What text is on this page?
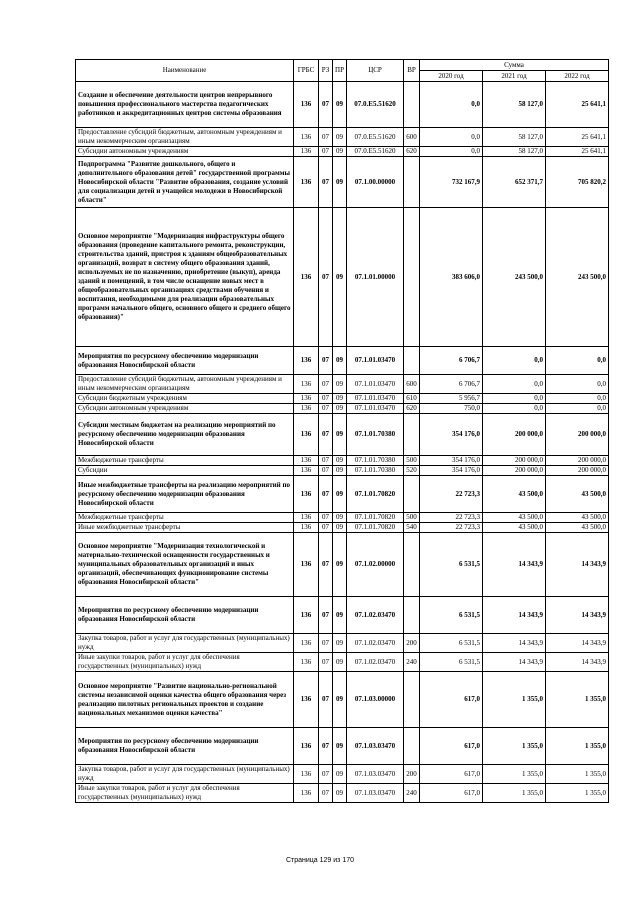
Наименование	ГРБС	РЗ	ПР	ЦСР	ВР	Сумма		
						2020 год	2021 год	2022 год
Создание и обеспечение деятельности центров непрерывного повышения профессионального мастерства педагогических работников и аккредитационных центров системы образования	136	07	09	07.0.E5.51620		0,0	58 127,0	25 641,1
Предоставление субсидий бюджетным, автономным учреждениям и иным некоммерческим организациям	136	07	09	07.0.E5.51620	600	0,0	58 127,0	25 641,1
Субсидии автономным учреждениям	136	07	09	07.0.E5.51620	620	0,0	58 127,0	25 641,1
Подпрограмма "Развитие дошкольного, общего и дополнительного образования детей" государственной программы Новосибирской области "Развитие образования, создание условий для социализации детей и учащейся молодежи в Новосибирской области"	136	07	09	07.1.00.00000		732 167,9	652 371,7	705 820,2
Основное мероприятие "Модернизация инфраструктуры общего образования (проведение капитального ремонта, реконструкции, строительства зданий, пристроя к зданиям общеобразовательных организаций, возврат в систему общего образования зданий, используемых не по назначению, приобретение (выкуп), аренда зданий и помещений, в том числе оснащение новых мест в общеобразовательных организациях средствами обучения и воспитания, необходимыми для реализации образовательных программ начального общего, основного общего и среднего общего образования)"	136	07	09	07.1.01.00000		383 606,0	243 500,0	243 500,0
Мероприятия по ресурсному обеспечению модернизации образования Новосибирской области	136	07	09	07.1.01.03470		6 706,7	0,0	0,0
Предоставление субсидий бюджетным, автономным учреждениям и иным некоммерческим организациям	136	07	09	07.1.01.03470	600	6 706,7	0,0	0,0
Субсидии бюджетным учреждениям	136	07	09	07.1.01.03470	610	5 956,7	0,0	0,0
Субсидии автономным учреждениям	136	07	09	07.1.01.03470	620	750,0	0,0	0,0
Субсидии местным бюджетам на реализацию мероприятий по ресурсному обеспечению модернизации образования Новосибирской области	136	07	09	07.1.01.70380		354 176,0	200 000,0	200 000,0
Межбюджетные трансферты	136	07	09	07.1.01.70380	500	354 176,0	200 000,0	200 000,0
Субсидии	136	07	09	07.1.01.70380	520	354 176,0	200 000,0	200 000,0
Иные межбюджетные трансферты на реализацию мероприятий по ресурсному обеспечению модернизации образования Новосибирской области	136	07	09	07.1.01.70820		22 723,3	43 500,0	43 500,0
Межбюджетные трансферты	136	07	09	07.1.01.70820	500	22 723,3	43 500,0	43 500,0
Иные межбюджетные трансферты	136	07	09	07.1.01.70820	540	22 723,3	43 500,0	43 500,0
Основное мероприятие "Модернизация технологической и материально-технической оснащенности государственных и муниципальных образовательных организаций и иных организаций, обеспечивающих функционирование системы образования Новосибирской области"	136	07	09	07.1.02.00000		6 531,5	14 343,9	14 343,9
Мероприятия по ресурсному обеспечению модернизации образования Новосибирской области	136	07	09	07.1.02.03470		6 531,5	14 343,9	14 343,9
Закупка товаров, работ и услуг для государственных (муниципальных) нужд	136	07	09	07.1.02.03470	200	6 531,5	14 343,9	14 343,9
Иные закупки товаров, работ и услуг для обеспечения государственных (муниципальных) нужд	136	07	09	07.1.02.03470	240	6 531,5	14 343,9	14 343,9
Основное мероприятие "Развитие национально-региональной системы независимой оценки качества общего образования через реализацию пилотных региональных проектов и создание национальных механизмов оценки качества"	136	07	09	07.1.03.00000		617,0	1 355,0	1 355,0
Мероприятия по ресурсному обеспечению модернизации образования Новосибирской области	136	07	09	07.1.03.03470		617,0	1 355,0	1 355,0
Закупка товаров, работ и услуг для государственных (муниципальных) нужд	136	07	09	07.1.03.03470	200	617,0	1 355,0	1 355,0
Иные закупки товаров, работ и услуг для обеспечения государственных (муниципальных) нужд	136	07	09	07.1.03.03470	240	617,0	1 355,0	1 355,0
Страница 129 из 170
